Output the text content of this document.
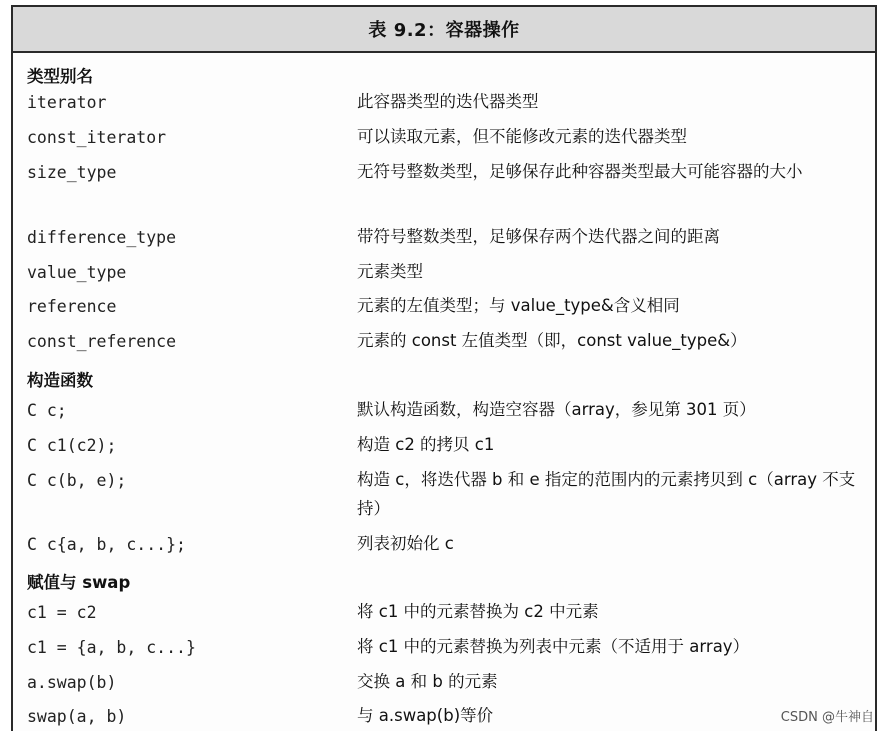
表 9.2：容器操作
类型别名
iterator	此容器类型的迭代器类型
const_iterator	可以读取元素，但不能修改元素的迭代器类型
size_type	无符号整数类型，足够保存此种容器类型最大可能容器的大小
difference_type	带符号整数类型，足够保存两个迭代器之间的距离
value_type	元素类型
reference	元素的左值类型；与 value_type&含义相同
const_reference	元素的 const 左值类型（即，const value_type&）
构造函数
C c;	默认构造函数，构造空容器（array，参见第 301 页）
C c1(c2);	构造 c2 的拷贝 c1
C c(b, e);	构造 c，将迭代器 b 和 e 指定的范围内的元素拷贝到 c（array 不支持）
C c{a, b, c...};	列表初始化 c
赋值与 swap
c1 = c2	将 c1 中的元素替换为 c2 中元素
c1 = {a, b, c...}	将 c1 中的元素替换为列表中元素（不适用于 array）
a.swap(b)	交换 a 和 b 的元素
swap(a, b)	与 a.swap(b)等价	CSDN @牛神自
